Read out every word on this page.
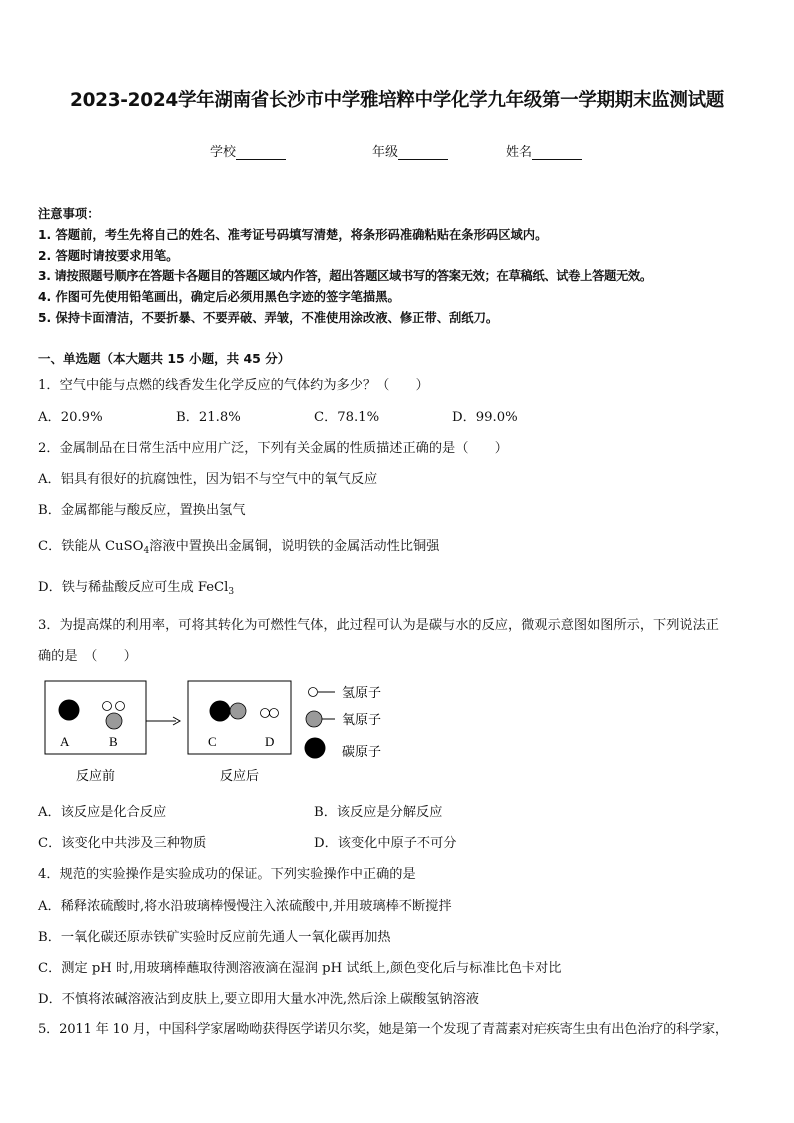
2023-2024学年湖南省长沙市中学雅培粹中学化学九年级第一学期期末监测试题
学校	年级	姓名
注意事项：
1. 答题前，考生先将自己的姓名、准考证号码填写清楚，将条形码准确粘贴在条形码区域内。
2. 答题时请按要求用笔。
3. 请按照题号顺序在答题卡各题目的答题区域内作答，超出答题区域书写的答案无效；在草稿纸、试卷上答题无效。
4. 作图可先使用铅笔画出，确定后必须用黑色字迹的签字笔描黑。
5. 保持卡面清洁，不要折暴、不要弄破、弄皱，不准使用涂改液、修正带、刮纸刀。
一、单选题（本大题共 15 小题，共 45 分）
1．空气中能与点燃的线香发生化学反应的气体约为多少？（　　）
A．20.9%	B．21.8%	C．78.1%	D．99.0%
2．金属制品在日常生活中应用广泛，下列有关金属的性质描述正确的是（　　）
A．铝具有很好的抗腐蚀性，因为铝不与空气中的氧气反应
B．金属都能与酸反应，置换出氢气
C．铁能从 CuSO$_4$溶液中置换出金属铜，说明铁的金属活动性比铜强
D．铁与稀盐酸反应可生成 FeCl$_3$
3．为提高煤的利用率，可将其转化为可燃性气体，此过程可认为是碳与水的反应，微观示意图如图所示，下列说法正
确的是　（　　）
A	B	C	D
反应前	反应后
氢原子
氧原子
碳原子
A．该反应是化合反应	B．该反应是分解反应
C．该变化中共涉及三种物质	D．该变化中原子不可分
4．规范的实验操作是实验成功的保证。下列实验操作中正确的是
A．稀释浓硫酸时,将水沿玻璃棒慢慢注入浓硫酸中,并用玻璃棒不断搅拌
B．一氧化碳还原赤铁矿实验时反应前先通人一氧化碳再加热
C．测定 pH 时,用玻璃棒蘸取待测溶液滴在湿润 pH 试纸上,颜色变化后与标准比色卡对比
D．不慎将浓碱溶液沾到皮肤上,要立即用大量水冲洗,然后涂上碳酸氢钠溶液
5．2011 年 10 月，中国科学家屠呦呦获得医学诺贝尔奖，她是第一个发现了青蒿素对疟疾寄生虫有出色治疗的科学家，
